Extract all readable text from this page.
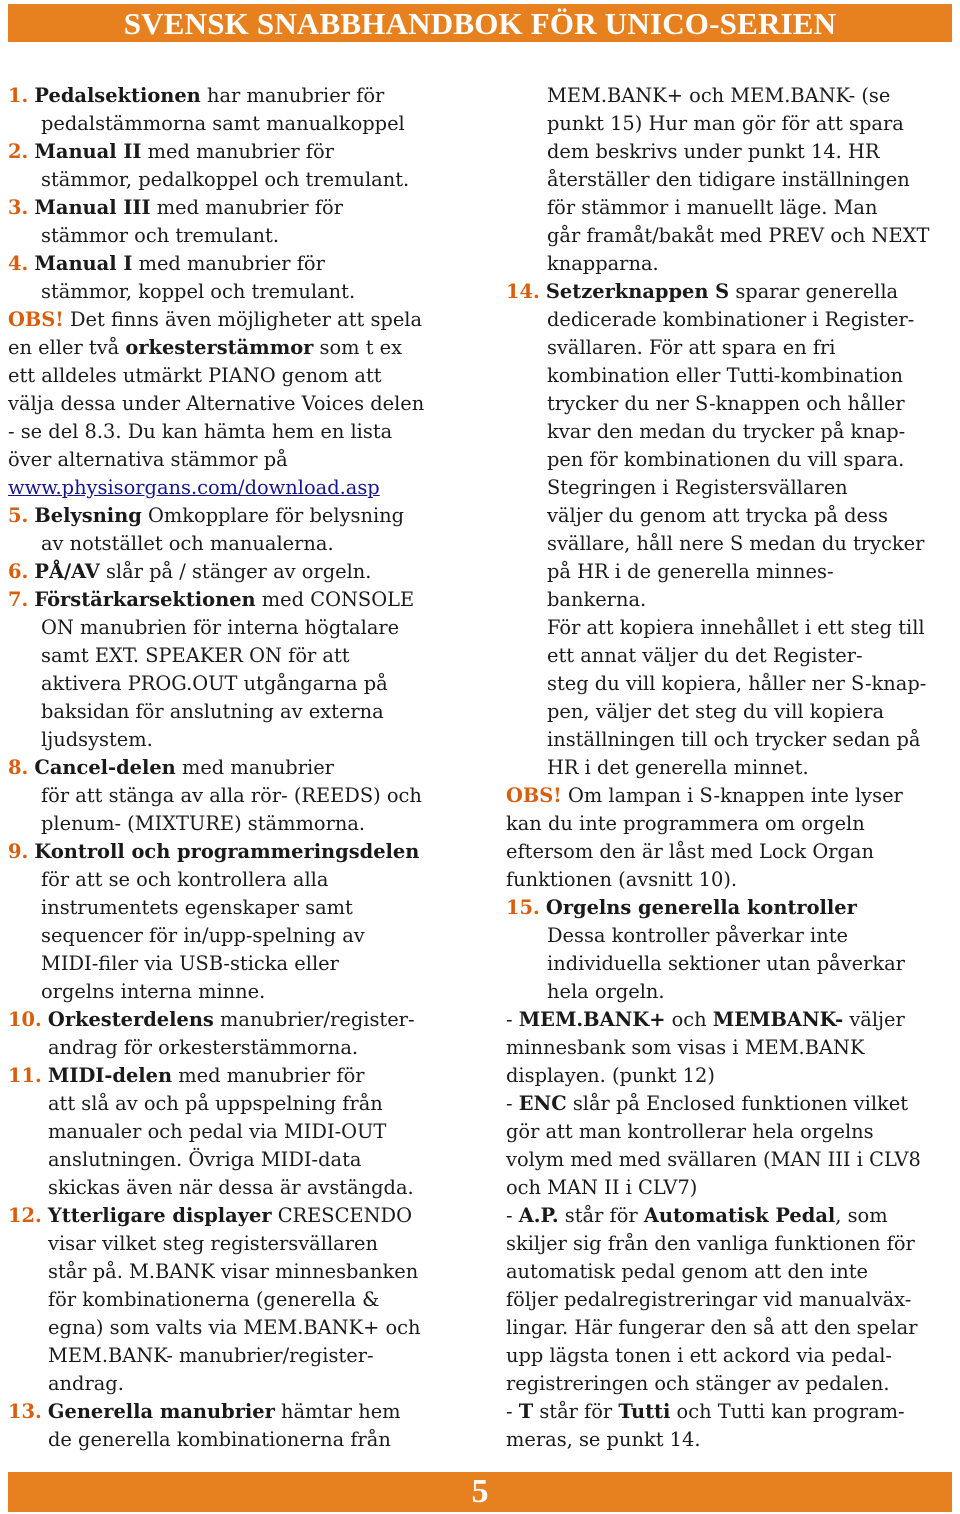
SVENSK SNABBHANDBOK FÖR UNICO-SERIEN

1. Pedalsektionen har manubrier för

pedalstämmorna samt manualkoppel

2. Manual II med manubrier för

stämmor, pedalkoppel och tremulant.

3. Manual III med manubrier för

stämmor och tremulant.

4. Manual I med manubrier för

stämmor, koppel och tremulant.

OBS! Det finns även möjligheter att spela

en eller två orkesterstämmor som t ex

ett alldeles utmärkt PIANO genom att

välja dessa under Alternative Voices delen

- se del 8.3. Du kan hämta hem en lista

över alternativa stämmor på

www.physisorgans.com/download.asp

5. Belysning Omkopplare för belysning

av notstället och manualerna.

6. PÅ/AV slår på / stänger av orgeln.

7. Förstärkarsektionen med CONSOLE

ON manubrien för interna högtalare

samt EXT. SPEAKER ON för att

aktivera PROG.OUT utgångarna på

baksidan för anslutning av externa

ljudsystem.

8. Cancel-delen med manubrier

för att stänga av alla rör- (REEDS) och

plenum- (MIXTURE) stämmorna.

9. Kontroll och programmeringsdelen

för att se och kontrollera alla

instrumentets egenskaper samt

sequencer för in/upp-spelning av

MIDI-filer via USB-sticka eller

orgelns interna minne.

10. Orkesterdelens manubrier/register-

andrag för orkesterstämmorna.

11. MIDI-delen med manubrier för

att slå av och på uppspelning från

manualer och pedal via MIDI-OUT

anslutningen. Övriga MIDI-data

skickas även när dessa är avstängda.

12. Ytterligare displayer CRESCENDO

visar vilket steg registersvällaren

står på. M.BANK visar minnesbanken

för kombinationerna (generella &

egna) som valts via MEM.BANK+ och

MEM.BANK- manubrier/register-

andrag.

13. Generella manubrier hämtar hem

de generella kombinationerna från

MEM.BANK+ och MEM.BANK- (se

punkt 15) Hur man gör för att spara

dem beskrivs under punkt 14. HR

återställer den tidigare inställningen

för stämmor i manuellt läge. Man

går framåt/bakåt med PREV och NEXT

knapparna.

14. Setzerknappen S sparar generella

dedicerade kombinationer i Register-

svällaren. För att spara en fri

kombination eller Tutti-kombination

trycker du ner S-knappen och håller

kvar den medan du trycker på knap-

pen för kombinationen du vill spara.

Stegringen i Registersvällaren

väljer du genom att trycka på dess

svällare, håll nere S medan du trycker

på HR i de generella minnes-

bankerna.

För att kopiera innehållet i ett steg till

ett annat väljer du det Register-

steg du vill kopiera, håller ner S-knap-

pen, väljer det steg du vill kopiera

inställningen till och trycker sedan på

HR i det generella minnet.

OBS! Om lampan i S-knappen inte lyser

kan du inte programmera om orgeln

eftersom den är låst med Lock Organ

funktionen (avsnitt 10).

15. Orgelns generella kontroller

Dessa kontroller påverkar inte

individuella sektioner utan påverkar

hela orgeln.

- MEM.BANK+ och MEMBANK- väljer

minnesbank som visas i MEM.BANK

displayen. (punkt 12)

- ENC slår på Enclosed funktionen vilket

gör att man kontrollerar hela orgelns

volym med med svällaren (MAN III i CLV8

och MAN II i CLV7)

- A.P. står för Automatisk Pedal, som

skiljer sig från den vanliga funktionen för

automatisk pedal genom att den inte

följer pedalregistreringar vid manualväx-

lingar. Här fungerar den så att den spelar

upp lägsta tonen i ett ackord via pedal-

registreringen och stänger av pedalen.

- T står för Tutti och Tutti kan program-

meras, se punkt 14.

5
